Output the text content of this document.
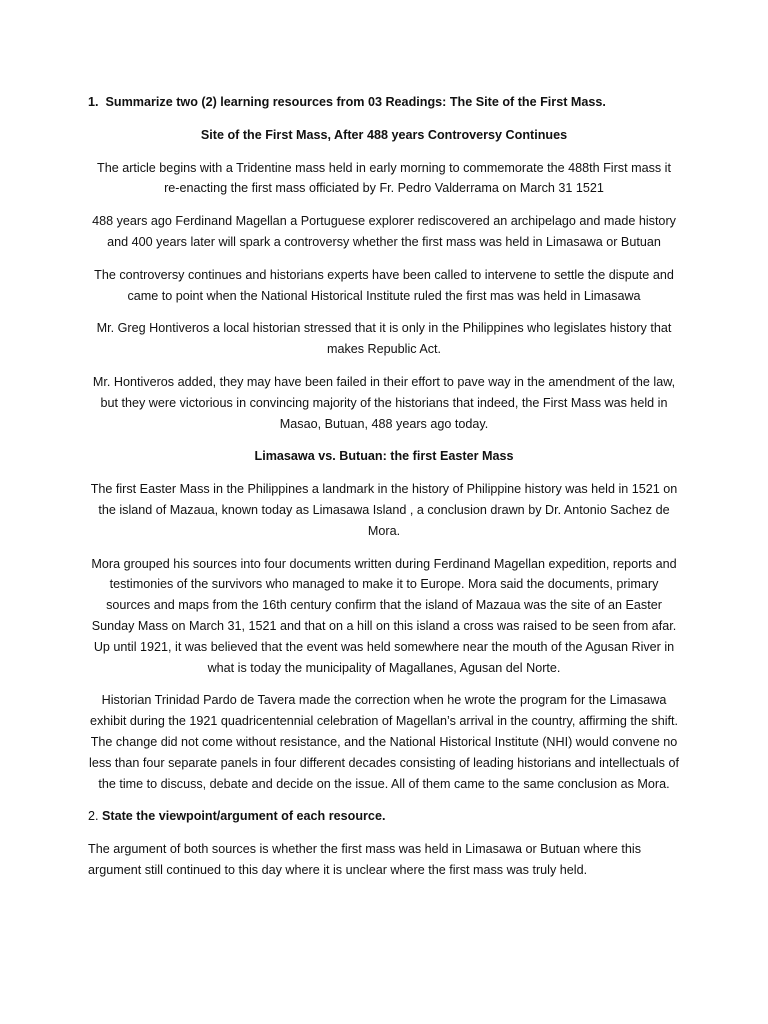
1. Summarize two (2) learning resources from 03 Readings: The Site of the First Mass.

Site of the First Mass, After 488 years Controversy Continues

The article begins with a Tridentine mass held in early morning to commemorate the 488th First mass it re-enacting the first mass officiated by Fr. Pedro Valderrama on March 31 1521

488 years ago Ferdinand Magellan a Portuguese explorer rediscovered an archipelago and made history and 400 years later will spark a controversy whether the first mass was held in Limasawa or Butuan

The controversy continues and historians experts have been called to intervene to settle the dispute and came to point when the National Historical Institute ruled the first mas was held in Limasawa

Mr. Greg Hontiveros a local historian stressed that it is only in the Philippines who legislates history that makes Republic Act.

Mr. Hontiveros added, they may have been failed in their effort to pave way in the amendment of the law, but they were victorious in convincing majority of the historians that indeed, the First Mass was held in Masao, Butuan, 488 years ago today.

Limasawa vs. Butuan: the first Easter Mass

The first Easter Mass in the Philippines a landmark in the history of Philippine history was held in 1521 on the island of Mazaua, known today as Limasawa Island , a conclusion drawn by Dr. Antonio Sachez de Mora.

Mora grouped his sources into four documents written during Ferdinand Magellan expedition, reports and testimonies of the survivors who managed to make it to Europe. Mora said the documents, primary sources and maps from the 16th century confirm that the island of Mazaua was the site of an Easter Sunday Mass on March 31, 1521 and that on a hill on this island a cross was raised to be seen from afar. Up until 1921, it was believed that the event was held somewhere near the mouth of the Agusan River in what is today the municipality of Magallanes, Agusan del Norte.

Historian Trinidad Pardo de Tavera made the correction when he wrote the program for the Limasawa exhibit during the 1921 quadricentennial celebration of Magellan’s arrival in the country, affirming the shift. The change did not come without resistance, and the National Historical Institute (NHI) would convene no less than four separate panels in four different decades consisting of leading historians and intellectuals of the time to discuss, debate and decide on the issue. All of them came to the same conclusion as Mora.

2. State the viewpoint/argument of each resource.

The argument of both sources is whether the first mass was held in Limasawa or Butuan where this argument still continued to this day where it is unclear where the first mass was truly held.
